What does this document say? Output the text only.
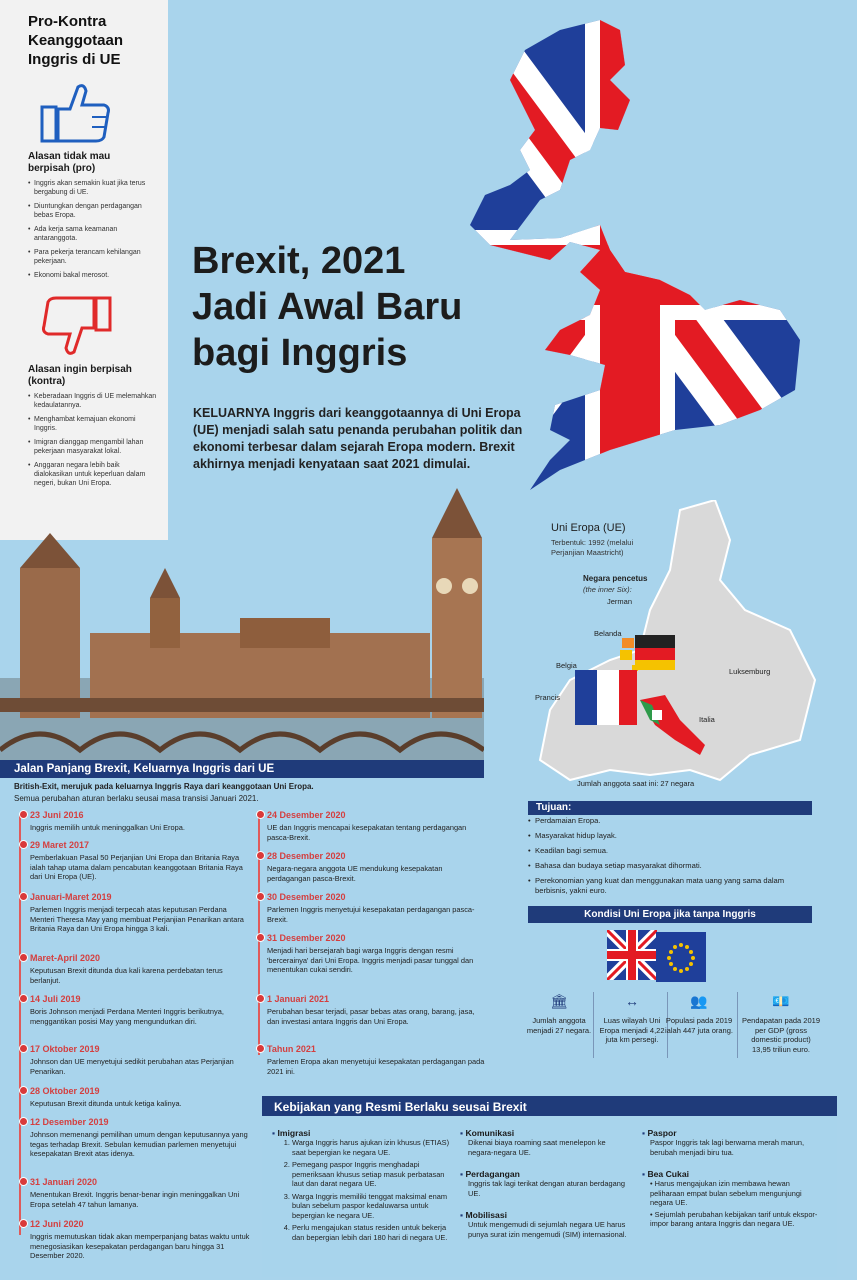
Pro-Kontra
Keanggotaan
Inggris di UE
Alasan tidak mau
berpisah (pro)
• Inggris akan semakin kuat jika terus bergabung di UE.
• Diuntungkan dengan perdagangan bebas Eropa.
• Ada kerja sama keamanan antaranggota.
• Para pekerja terancam kehilangan pekerjaan.
• Ekonomi bakal merosot.
Alasan ingin berpisah
(kontra)
• Keberadaan Inggris di UE melemahkan kedaulatannya.
• Menghambat kemajuan ekonomi Inggris.
• Imigran dianggap mengambil lahan pekerjaan masyarakat lokal.
• Anggaran negara lebih baik dialokasikan untuk keperluan dalam negeri, bukan Uni Eropa.
Brexit, 2021
Jadi Awal Baru
bagi Inggris
KELUARNYA Inggris dari keanggotaannya di Uni Eropa (UE) menjadi salah satu penanda perubahan politik dan ekonomi terbesar dalam sejarah Eropa modern. Brexit akhirnya menjadi kenyataan saat 2021 dimulai.
Uni Eropa (UE)
Terbentuk: 1992 (melalui
Perjanjian Maastricht)
Negara pencetus
(the inner Six):
Jerman
Belanda
Belgia
Luksemburg
Prancis
Italia
Jumlah anggota saat ini: 27 negara
Jalan Panjang Brexit, Keluarnya Inggris dari UE
British-Exit, merujuk pada keluarnya Inggris Raya dari keanggotaan Uni Eropa.
Semua perubahan aturan berlaku seusai masa transisi Januari 2021.
23 Juni 2016
Inggris memilih untuk meninggalkan Uni Eropa.
29 Maret 2017
Pemberlakuan Pasal 50 Perjanjian Uni Eropa dan Britania Raya ialah tahap utama dalam pencabutan keanggotaan Britania Raya dari Uni Eropa (UE).
Januari-Maret 2019
Parlemen Inggris menjadi terpecah atas keputusan Perdana Menteri Theresa May yang membuat Perjanjian Penarikan antara Britania Raya dan Uni Eropa hingga 3 kali.
Maret-April 2020
Keputusan Brexit ditunda dua kali karena perdebatan terus berlanjut.
14 Juli 2019
Boris Johnson menjadi Perdana Menteri Inggris berikutnya, menggantikan posisi May yang mengundurkan diri.
17 Oktober 2019
Johnson dan UE menyetujui sedikit perubahan atas Perjanjian Penarikan.
28 Oktober 2019
Keputusan Brexit ditunda untuk ketiga kalinya.
12 Desember 2019
Johnson memenangi pemilihan umum dengan keputusannya yang tegas terhadap Brexit. Sebulan kemudian parlemen menyetujui kesepakatan Brexit atas idenya.
31 Januari 2020
Menentukan Brexit. Inggris benar-benar ingin meninggalkan Uni Eropa setelah 47 tahun lamanya.
12 Juni 2020
Inggris memutuskan tidak akan memperpanjang batas waktu untuk menegosiasikan kesepakatan perdagangan baru hingga 31 Desember 2020.
24 Desember 2020
UE dan Inggris mencapai kesepakatan tentang perdagangan pasca-Brexit.
28 Desember 2020
Negara-negara anggota UE mendukung kesepakatan perdagangan pasca-Brexit.
30 Desember 2020
Parlemen Inggris menyetujui kesepakatan perdagangan pasca-Brexit.
31 Desember 2020
Menjadi hari bersejarah bagi warga Inggris dengan resmi 'bercerainya' dari Uni Eropa. Inggris menjadi pasar tunggal dan menentukan cukai sendiri.
1 Januari 2021
Perubahan besar terjadi, pasar bebas atas orang, barang, jasa, dan investasi antara Inggris dan Uni Eropa.
Tahun 2021
Parlemen Eropa akan menyetujui kesepakatan perdagangan pada 2021 ini.
Tujuan:
• Perdamaian Eropa.
• Masyarakat hidup layak.
• Keadilan bagi semua.
• Bahasa dan budaya setiap masyarakat dihormati.
• Perekonomian yang kuat dan menggunakan mata uang yang sama dalam berbisnis, yakni euro.
Kondisi Uni Eropa jika tanpa Inggris
🏛
Jumlah anggota menjadi 27 negara.
↔
Luas wilayah Uni Eropa menjadi 4,22 juta km persegi.
👥
Populasi pada 2019 ialah 447 juta orang.
💶
Pendapatan pada 2019 per GDP (gross domestic product) 13,95 triliun euro.
Kebijakan yang Resmi Berlaku seusai Brexit
▪ Imigrasi
1. Warga Inggris harus ajukan izin khusus (ETIAS) saat bepergian ke negara UE.
2. Pemegang paspor Inggris menghadapi pemeriksaan khusus setiap masuk perbatasan laut dan darat negara UE.
3. Warga Inggris memiliki tenggat maksimal enam bulan sebelum paspor kedaluwarsa untuk bepergian ke negara UE.
4. Perlu mengajukan status residen untuk bekerja dan bepergian lebih dari 180 hari di negara UE.
▪ Komunikasi
Dikenai biaya roaming saat menelepon ke negara-negara UE.
▪ Perdagangan
Inggris tak lagi terikat dengan aturan berdagang UE.
▪ Mobilisasi
Untuk mengemudi di sejumlah negara UE harus punya surat izin mengemudi (SIM) internasional.
▪ Paspor
Paspor Inggris tak lagi berwarna merah marun, berubah menjadi biru tua.
▪ Bea Cukai
• Harus mengajukan izin membawa hewan peliharaan empat bulan sebelum mengunjungi negara UE.
• Sejumlah perubahan kebijakan tarif untuk ekspor-impor barang antara Inggris dan negara UE.
